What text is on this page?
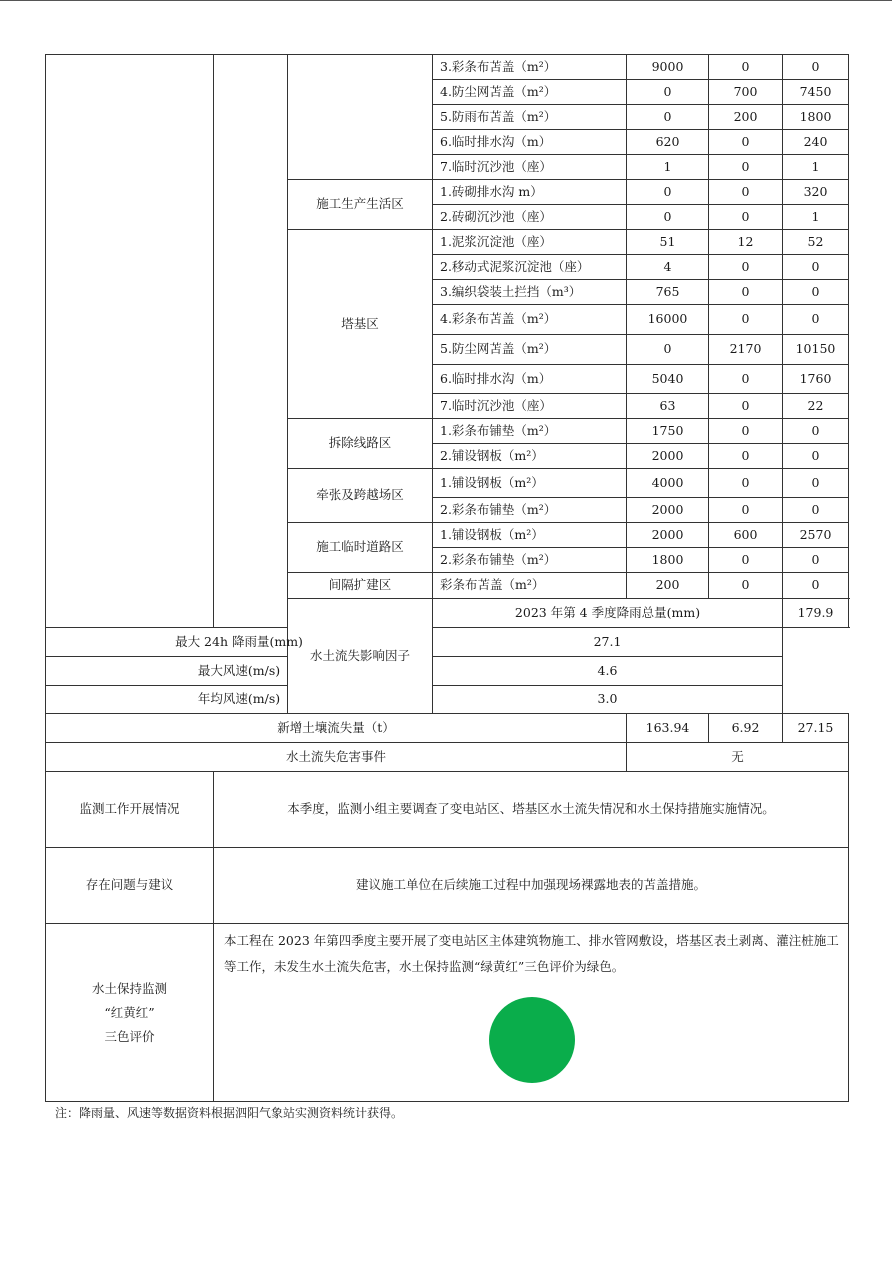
			3.彩条布苫盖（m²）	9000	0	0
			4.防尘网苫盖（m²）	0	700	7450
			5.防雨布苫盖（m²）	0	200	1800
			6.临时排水沟（m）	620	0	240
			7.临时沉沙池（座）	1	0	1
		施工生产生活区	1.砖砌排水沟 m）	0	0	320
			2.砖砌沉沙池（座）	0	0	1
		塔基区	1.泥浆沉淀池（座）	51	12	52
			2.移动式泥浆沉淀池（座）	4	0	0
			3.编织袋装土拦挡（m³）	765	0	0
			4.彩条布苫盖（m²）	16000	0	0
			5.防尘网苫盖（m²）	0	2170	10150
			6.临时排水沟（m）	5040	0	1760
			7.临时沉沙池（座）	63	0	22
		拆除线路区	1.彩条布铺垫（m²）	1750	0	0
			2.铺设钢板（m²）	2000	0	0
		牵张及跨越场区	1.铺设钢板（m²）	4000	0	0
			2.彩条布铺垫（m²）	2000	0	0
		施工临时道路区	1.铺设钢板（m²）	2000	600	2570
			2.彩条布铺垫（m²）	1800	0	0
		间隔扩建区	彩条布苫盖（m²）	200	0	0
		水土流失影响因子	2023 年第 4 季度降雨总量(mm)			179.9
最大 24h 降雨量(mm)			27.1			
最大风速(m/s)			4.6			
年均风速(m/s)			3.0			
新增土壤流失量（t）				163.94	6.92	27.15
水土流失危害事件				无		
监测工作开展情况	本季度，监测小组主要调查了变电站区、塔基区水土流失情况和水土保持措施实施情况。					
存在问题与建议	建议施工单位在后续施工过程中加强现场裸露地表的苫盖措施。					

水土保持监测
“红黄红”
三色评价	本工程在 2023 年第四季度主要开展了变电站区主体建筑物施工、排水管网敷设，塔基区表土剥离、灌注桩施工等工作，未发生水土流失危害，水土保持监测“绿黄红”三色评价为绿色。					
注：降雨量、风速等数据资料根据泗阳气象站实测资料统计获得。
